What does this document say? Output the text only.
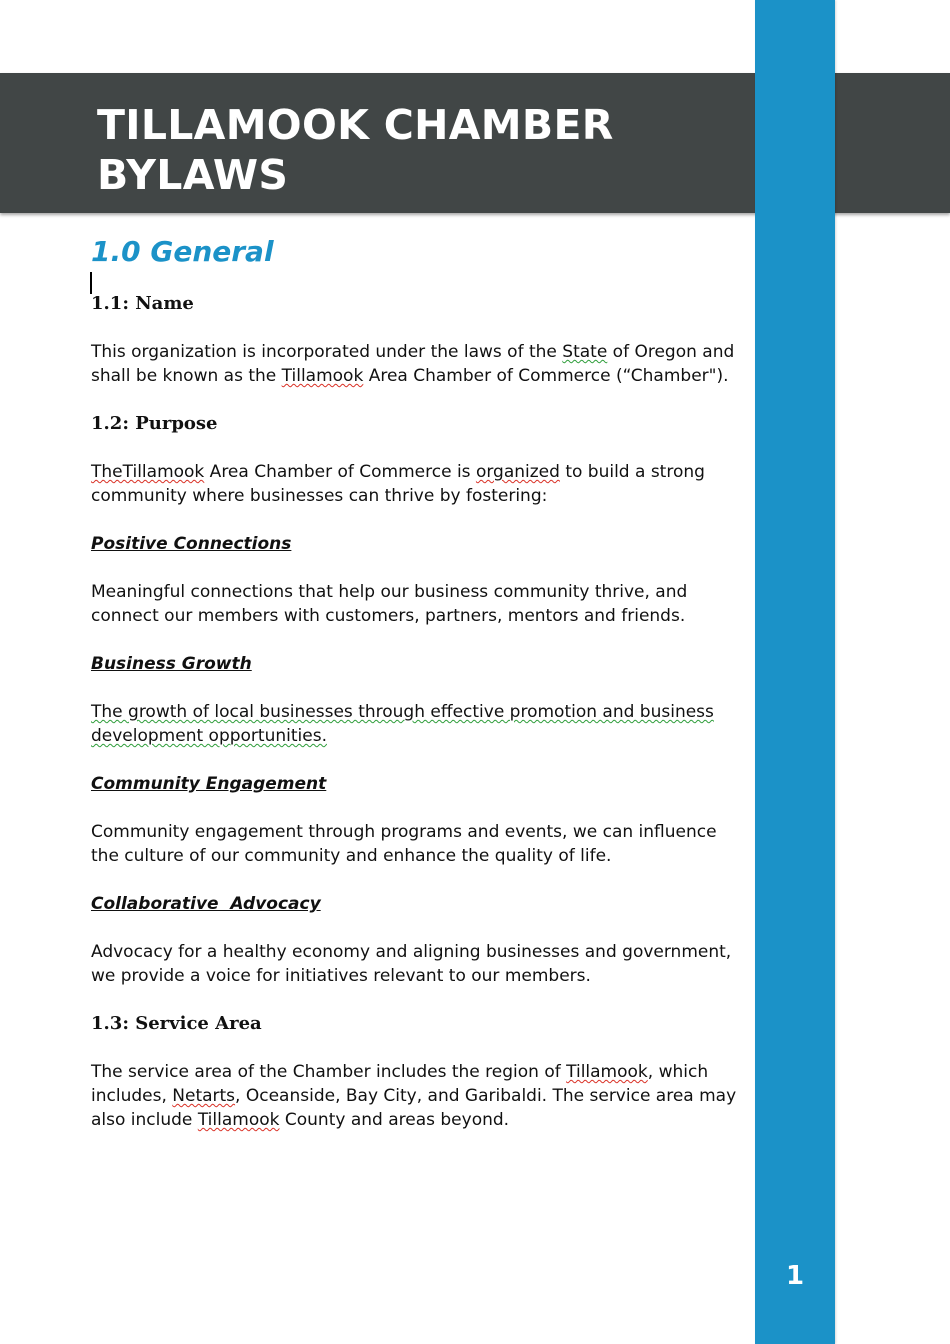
TILLAMOOK CHAMBER
BYLAWS
1.0 General

1.1: Name

This organization is incorporated under the laws of the State of Oregon and shall be known as the Tillamook Area Chamber of Commerce (“Chamber").

1.2: Purpose

TheTillamook Area Chamber of Commerce is organized to build a strong community where businesses can thrive by fostering:

Positive Connections

Meaningful connections that help our business community thrive, and connect our members with customers, partners, mentors and friends.

Business Growth

The growth of local businesses through effective promotion and business development opportunities.

Community Engagement

Community engagement through programs and events, we can influence the culture of our community and enhance the quality of life.

Collaborative  Advocacy

Advocacy for a healthy economy and aligning businesses and government, we provide a voice for initiatives relevant to our members.

1.3: Service Area

The service area of the Chamber includes the region of Tillamook, which includes, Netarts, Oceanside, Bay City, and Garibaldi. The service area may also include Tillamook County and areas beyond.

1
